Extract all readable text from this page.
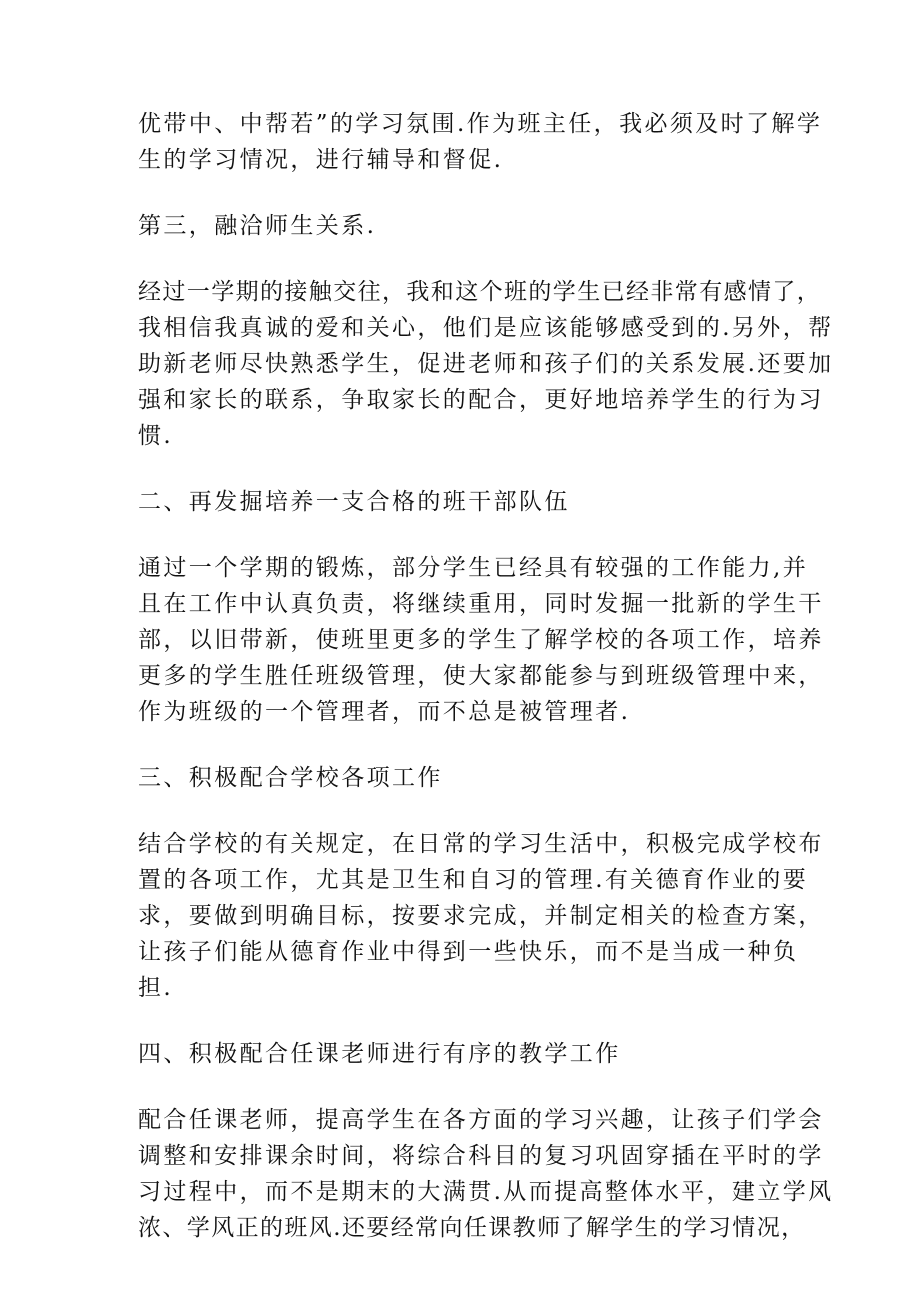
优带中、中帮若”的学习氛围.作为班主任，我必须及时了解学
生的学习情况，进行辅导和督促.
第三，融洽师生关系.
经过一学期的接触交往，我和这个班的学生已经非常有感情了，
我相信我真诚的爱和关心，他们是应该能够感受到的.另外，帮
助新老师尽快熟悉学生，促进老师和孩子们的关系发展.还要加
强和家长的联系，争取家长的配合，更好地培养学生的行为习
惯.
二、再发掘培养一支合格的班干部队伍
通过一个学期的锻炼，部分学生已经具有较强的工作能力,并
且在工作中认真负责，将继续重用，同时发掘一批新的学生干
部，以旧带新，使班里更多的学生了解学校的各项工作，培养
更多的学生胜任班级管理，使大家都能参与到班级管理中来，
作为班级的一个管理者，而不总是被管理者.
三、积极配合学校各项工作
结合学校的有关规定，在日常的学习生活中，积极完成学校布
置的各项工作，尤其是卫生和自习的管理.有关德育作业的要
求，要做到明确目标，按要求完成，并制定相关的检查方案，
让孩子们能从德育作业中得到一些快乐，而不是当成一种负
担.
四、积极配合任课老师进行有序的教学工作
配合任课老师，提高学生在各方面的学习兴趣，让孩子们学会
调整和安排课余时间，将综合科目的复习巩固穿插在平时的学
习过程中，而不是期末的大满贯.从而提高整体水平，建立学风
浓、学风正的班风.还要经常向任课教师了解学生的学习情况，
